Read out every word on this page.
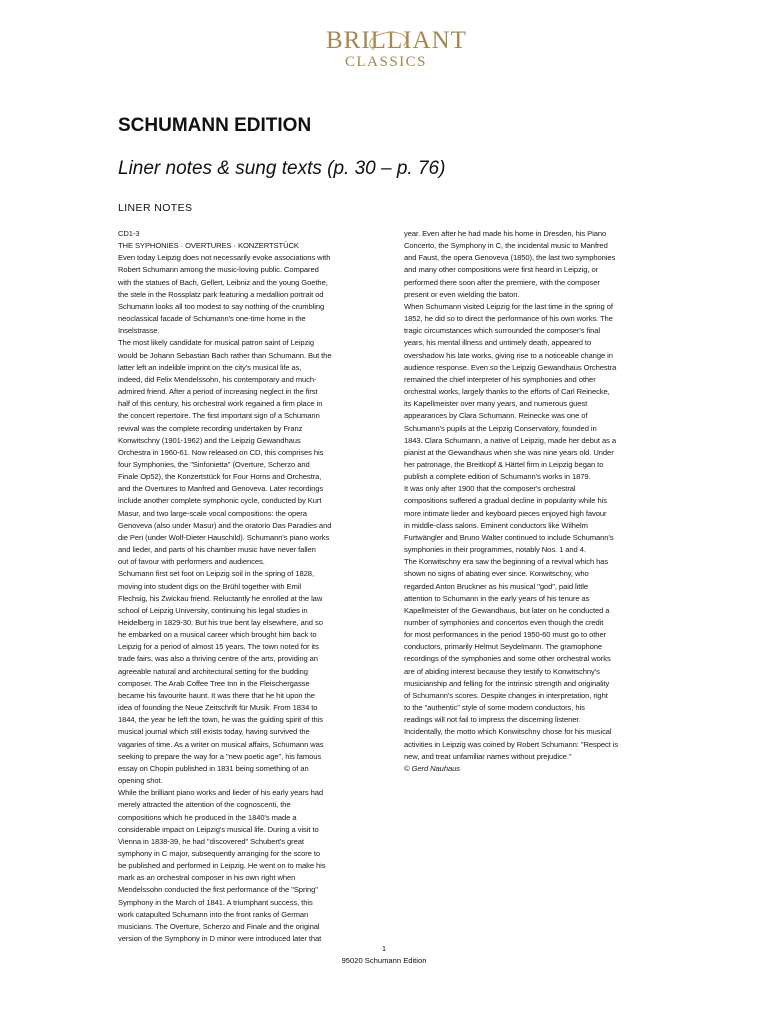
BRILLIANT
CLASSICS
SCHUMANN EDITION
Liner notes & sung texts (p. 30 – p. 76)
LINER NOTES
CD1-3
THE SYPHONIES · OVERTURES · KONZERTSTÜCK
Even today Leipzig does not necessarily evoke associations with
Robert Schumann among the music-loving public. Compared
with the statues of Bach, Gellert, Leibniz and the young Goethe,
the stele in the Rossplatz park featuring a medallion portrait od
Schumann looks all too modest to say nothing of the crumbling
neoclassical facade of Schumann's one-time home in the
Inselstrasse.
The most likely candidate for musical patron saint of Leipzig
would be Johann Sebastian Bach rather than Schumann. But the
latter left an indelible imprint on the city's musical life as,
indeed, did Felix Mendelssohn, his contemporary and much-
admired friend. After a period of increasing neglect in the first
half of this century, his orchestral work regained a firm place in
the concert repertoire. The first important sign of a Schumann
revival was the complete recording undertaken by Franz
Konwitschny (1901-1962) and the Leipzig Gewandhaus
Orchestra in 1960-61. Now released on CD, this comprises his
four Symphonies, the "Sinfonietta" (Overture, Scherzo and
Finale Op52), the Konzertstück for Four Horns and Orchestra,
and the Overtures to Manfred and Genoveva. Later recordings
include another complete symphonic cycle, conducted by Kurt
Masur, and two large-scale vocal compositions: the opera
Genoveva (also under Masur) and the oratorio Das Paradies and
die Peri (under Wolf-Dieter Hauschild). Schumann's piano works
and lieder, and parts of his chamber music have never fallen
out of favour with performers and audiences.
Schumann first set foot on Leipzig soil in the spring of 1828,
moving into student digs on the Brühl together with Emil
Flechsig, his Zwickau friend. Reluctantly he enrolled at the law
school of Leipzig University, continuing his legal studies in
Heidelberg in 1829-30. But his true bent lay elsewhere, and so
he embarked on a musical career which brought him back to
Leipzig for a period of almost 15 years. The town noted for its
trade fairs, was also a thriving centre of the arts, providing an
agreeable natural and architectural setting for the budding
composer. The Arab Coffee Tree Inn in the Fleischergasse
became his favourite haunt. It was there that he hit upon the
idea of founding the Neue Zeitschrift für Musik. From 1834 to
1844, the year he left the town, he was the guiding spirit of this
musical journal which still exists today, having survived the
vagaries of time. As a writer on musical affairs, Schumann was
seeking to prepare the way for a "new poetic age", his famous
essay on Chopin published in 1831 being something of an
opening shot.
While the brilliant piano works and lieder of his early years had
merely attracted the attention of the cognoscenti, the
compositions which he produced in the 1840's made a
considerable impact on Leipzig's musical life. During a visit to
Vienna in 1838-39, he had "discovered" Schubert's great
symphony in C major, subsequently arranging for the score to
be published and performed in Leipzig. He went on to make his
mark as an orchestral composer in his own right when
Mendelssohn conducted the first performance of the "Spring"
Symphony in the March of 1841. A triumphant success, this
work catapulted Schumann into the front ranks of German
musicians. The Overture, Scherzo and Finale and the original
version of the Symphony in D minor were introduced later that
year. Even after he had made his home in Dresden, his Piano
Concerto, the Symphony in C, the incidental music to Manfred
and Faust, the opera Genoveva (1850), the last two symphonies
and many other compositions were first heard in Leipzig, or
performed there soon after the premiere, with the composer
present or even wielding the baton.
When Schumann visited Leipzig for the last time in the spring of
1852, he did so to direct the performance of his own works. The
tragic circumstances which surrounded the composer's final
years, his mental illness and untimely death, appeared to
overshadow his late works, giving rise to a noticeable change in
audience response. Even so the Leipzig Gewandhaus Orchestra
remained the chief interpreter of his symphonies and other
orchestral works, largely thanks to the efforts of Carl Reinecke,
its Kapellmeister over many years, and numerous guest
appearances by Clara Schumann. Reinecke was one of
Schumann's pupils at the Leipzig Conservatory, founded in
1843. Clara Schumann, a native of Leipzig, made her debut as a
pianist at the Gewandhaus when she was nine years old. Under
her patronage, the Breitkopf & Härtel firm in Leipzig began to
publish a complete edition of Schumann's works in 1879.
It was only after 1900 that the composer's orchestral
compositions suffered a gradual decline in popularity while his
more intimate lieder and keyboard pieces enjoyed high favour
in middle-class salons. Eminent conductors like Wilhelm
Furtwängler and Bruno Walter continued to include Schumann's
symphonies in their programmes, notably Nos. 1 and 4.
The Konwitschny era saw the beginning of a revival which has
shown no signs of abating ever since. Konwitschny, who
regarded Anton Bruckner as his musical "god", paid little
attention to Schumann in the early years of his tenure as
Kapellmeister of the Gewandhaus, but later on he conducted a
number of symphonies and concertos even though the credit
for most performances in the period 1950-60 must go to other
conductors, primarily Helmut Seydelmann. The gramophone
recordings of the symphonies and some other orchestral works
are of abiding interest because they testify to Konwitschny's
musicianship and felling for the intrinsic strength and originality
of Schumann's scores. Despite changes in interpretation, right
to the "authentic" style of some modern conductors, his
readings will not fail to impress the discerning listener.
Incidentally, the motto which Konwitschny chose for his musical
activities in Leipzig was coined by Robert Schumann: "Respect is
new, and treat unfamiliar names without prejudice."
© Gerd Nauhaus
1
95020 Schumann Edition
